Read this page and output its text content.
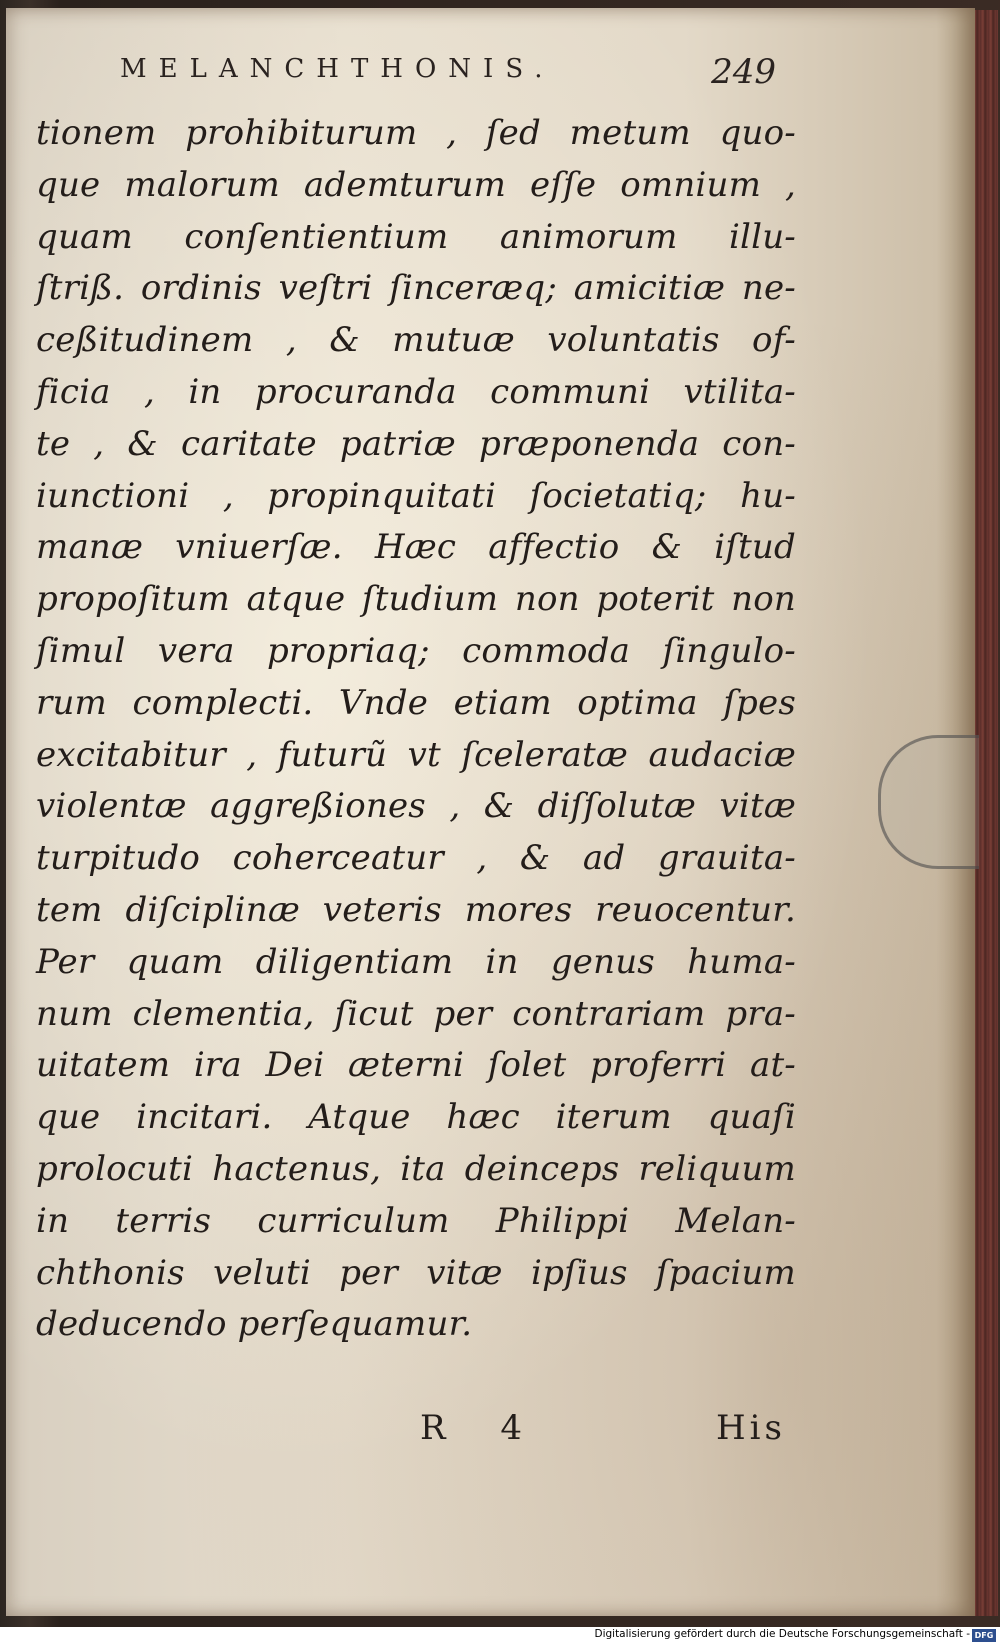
MELANCHTHONIS.	249
tionem prohibiturum , ſed metum quo-
que malorum ademturum eſſe omnium ,
quam conſentientium animorum illu-
ſtriß. ordinis veſtri ſinceræq; amicitiæ ne-
ceßitudinem , & mutuæ voluntatis of-
ficia , in procuranda communi vtilita-
te , & caritate patriæ præponenda con-
iunctioni , propinquitati ſocietatiq; hu-
manæ vniuerſæ. Hæc affectio & iſtud
propoſitum atque ſtudium non poterit non
ſimul vera propriaq; commoda ſingulo-
rum complecti. Vnde etiam optima ſpes
excitabitur , futurũ vt ſceleratæ audaciæ
violentæ aggreßiones , & diſſolutæ vitæ
turpitudo coherceatur , & ad grauita-
tem diſciplinæ veteris mores reuocentur.
Per quam diligentiam in genus huma-
num clementia, ſicut per contrariam pra-
uitatem ira Dei æterni ſolet proferri at-
que incitari. Atque hæc iterum quaſi
prolocuti hactenus, ita deinceps reliquum
in terris curriculum Philippi Melan-
chthonis veluti per vitæ ipſius ſpacium
deducendo perſequamur.
R 4	His
Digitalisierung gefördert durch die Deutsche Forschungsgemeinschaft - DFG
